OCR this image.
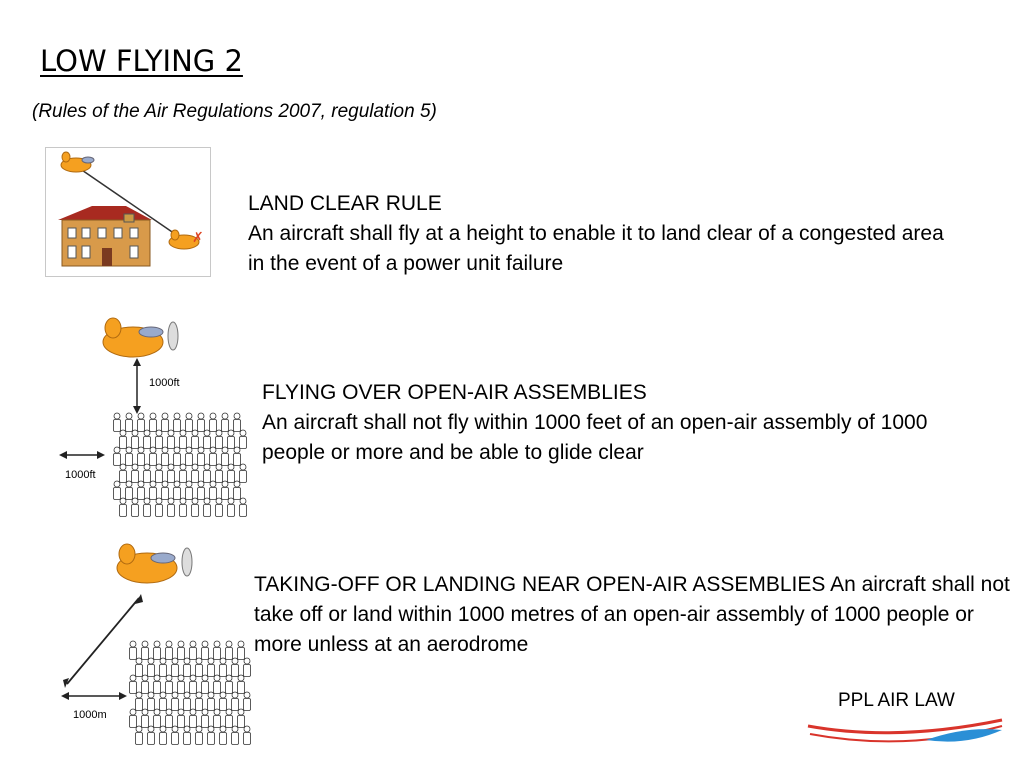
LOW FLYING 2
(Rules of the Air Regulations 2007, regulation 5)
✗

LAND CLEAR RULE

An aircraft shall fly at a height to enable it to land clear of a congested area in the event of a power unit failure

1000ft
1000ft

FLYING OVER OPEN-AIR ASSEMBLIES

An aircraft shall not fly within 1000 feet of an open-air assembly of 1000 people or more and be able to glide clear

1000m

TAKING-OFF OR LANDING NEAR OPEN-AIR ASSEMBLIES An aircraft shall not take off or land within 1000 metres of an open-air assembly of 1000 people or more unless at an aerodrome

PPL AIR LAW
